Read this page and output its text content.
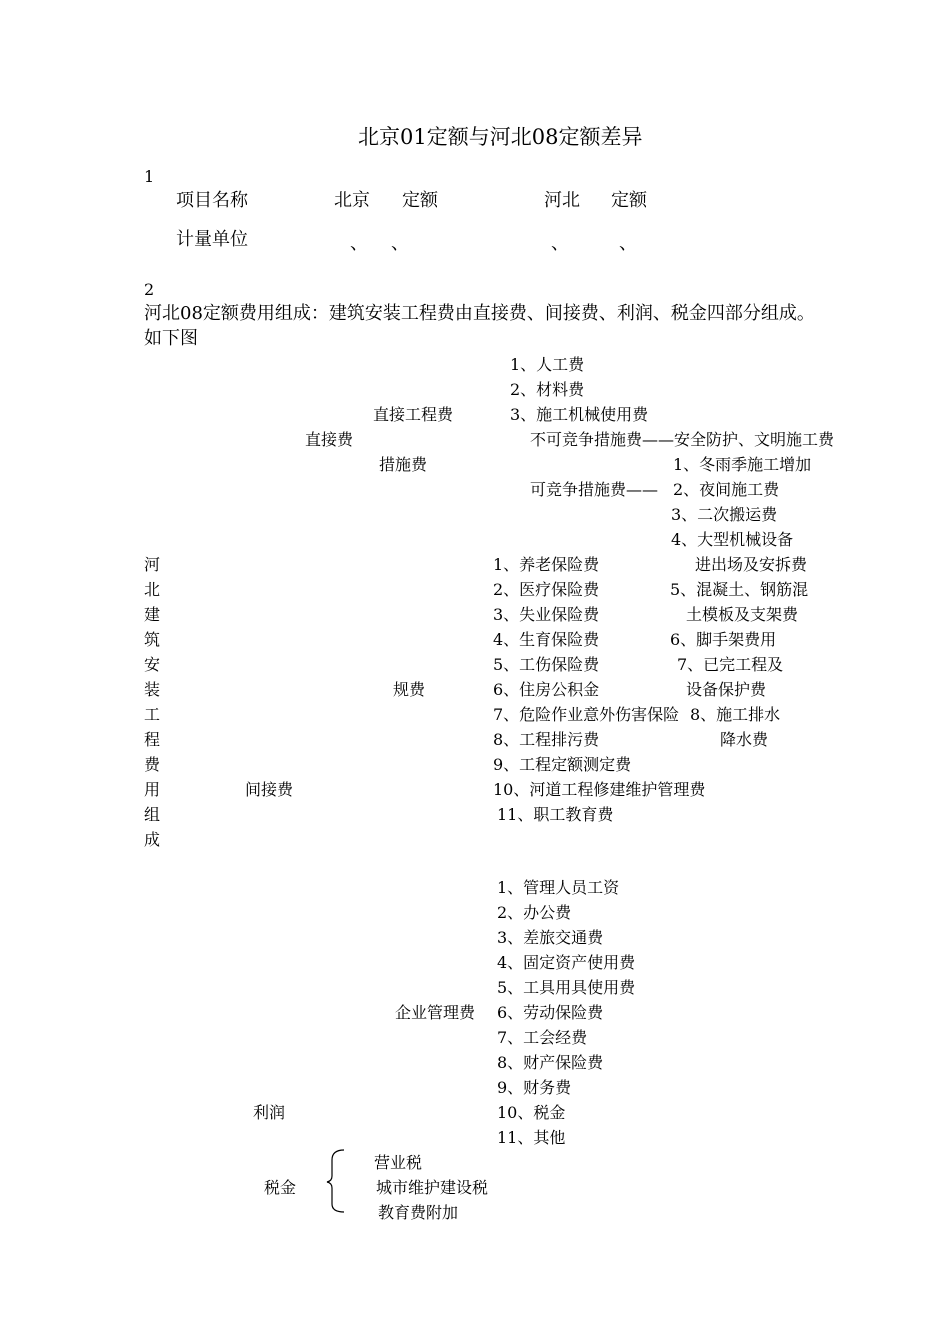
北京01定额与河北08定额差异
1
项目名称	北京 定额	河北 定额
计量单位	、 、	、	、
2
河北08定额费用组成：建筑安装工程费由直接费、间接费、利润、税金四部分组成。
如下图
1、人工费
2、材料费
直接工程费	3、施工机械使用费
直接费	不可竞争措施费——安全防护、文明施工费
措施费	1、冬雨季施工增加
可竞争措施费—— 2、夜间施工费
3、二次搬运费
4、大型机械设备
河
北
建
筑
安
装
工
程
费
用
组
成
1、养老保险费
2、医疗保险费
3、失业保险费
4、生育保险费
5、工伤保险费
规费	6、住房公积金
7、危险作业意外伤害保险
8、工程排污费
9、工程定额测定费
间接费	10、河道工程修建维护管理费
11、职工教育费
进出场及安拆费
5、混凝土、钢筋混
土模板及支架费
6、脚手架费用
7、已完工程及
设备保护费
8、施工排水
降水费
1、管理人员工资
2、办公费
3、差旅交通费
4、固定资产使用费
5、工具用具使用费
企业管理费 6、劳动保险费
7、工会经费
8、财产保险费
9、财务费
利润	10、税金
11、其他
营业税
税金	城市维护建设税
教育费附加
